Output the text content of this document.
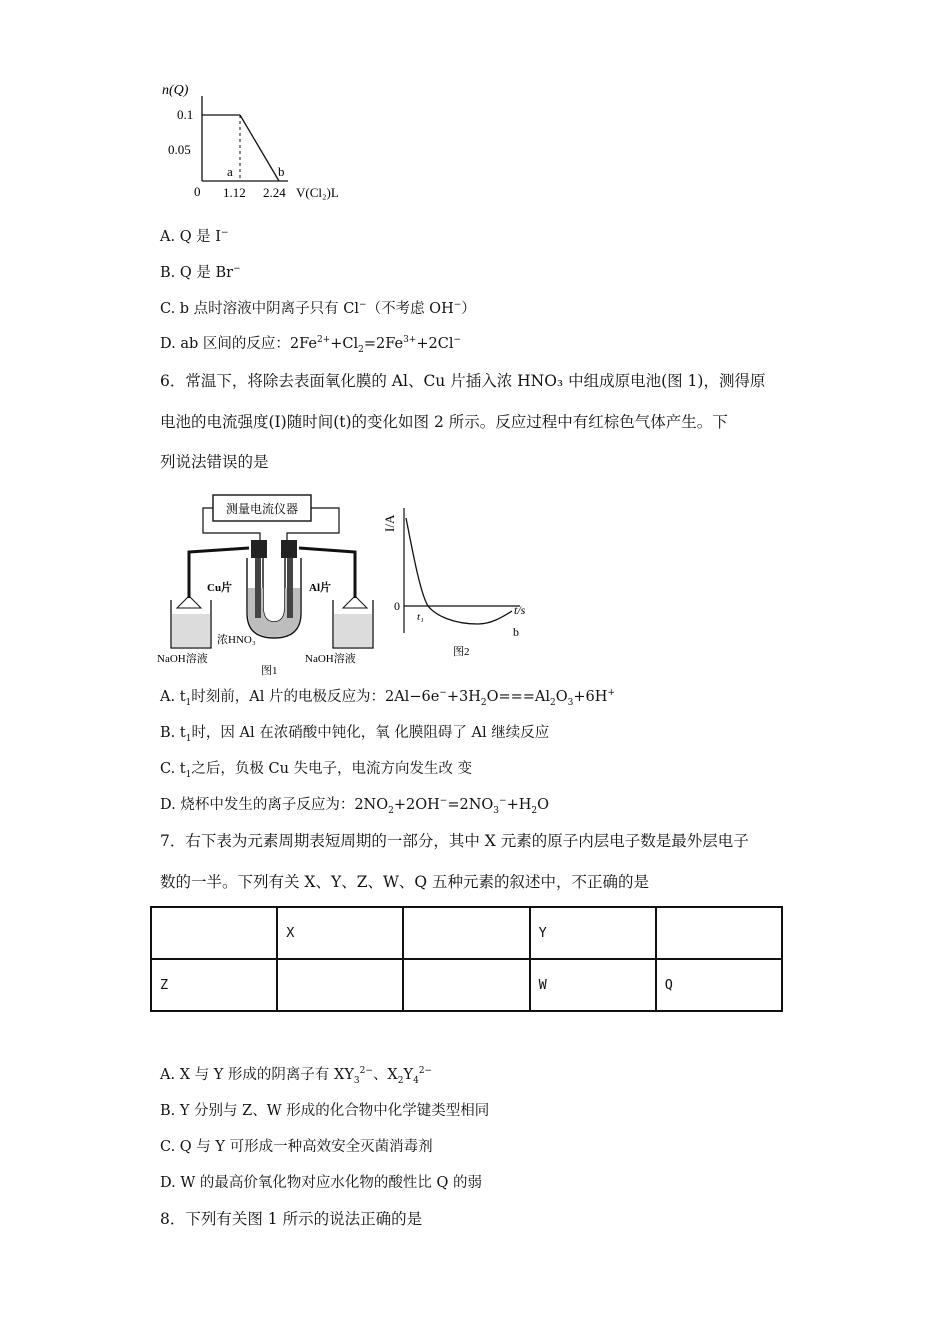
n(Q)
0.1
0.05
0
a	b
1.12 2.24 V(Cl₂)L
A. Q 是 I−
B. Q 是 Br−
C. b 点时溶液中阴离子只有 Cl−（不考虑 OH−）
D. ab 区间的反应：$2Fe^{2+}+Cl_2=2Fe^{3+}+2Cl^-$
6．常温下，将除去表面氧化膜的 Al、Cu 片插入浓 HNO₃ 中组成原电池(图 1)，测得原
电池的电流强度(I)随时间(t)的变化如图 2 所示。反应过程中有红棕色气体产生。下
列说法错误的是
测量电流仪器
Cu片	Al片
浓HNO₃
NaOH溶液	NaOH溶液
图1
I/A
0
t₁	t/s
b
图2
A. $t_1$时刻前，Al 片的电极反应为：$2Al-6e^-+3H_2O===Al_2O_3+6H^+$
B. $t_1$时，因 Al 在浓硝酸中钝化，氧 化膜阻碍了 Al 继续反应
C. $t_1$之后，负极 Cu 失电子，电流方向发生改 变
D. 烧杯中发生的离子反应为：$2NO_2+2OH^-=2NO_3^-+H_2O$
7．右下表为元素周期表短周期的一部分，其中 X 元素的原子内层电子数是最外层电子
数的一半。下列有关 X、Y、Z、W、Q 五种元素的叙述中，不正确的是
	X		Y	
Z			W	Q
A. X 与 Y 形成的阴离子有 $XY_3^{2-}$、$X_2Y_4^{2-}$
B. Y 分别与 Z、W 形成的化合物中化学键类型相同
C. Q 与 Y 可形成一种高效安全灭菌消毒剂
D. W 的最高价氧化物对应水化物的酸性比 Q 的弱
8．下列有关图 1 所示的说法正确的是
